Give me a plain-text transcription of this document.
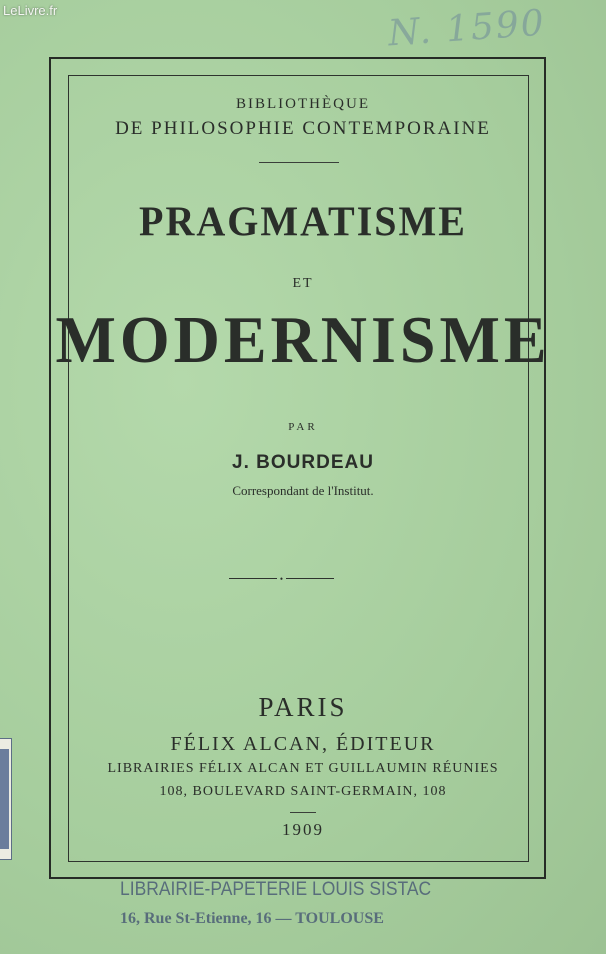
LeLivre.fr	N. 1590
BIBLIOTHÈQUE
DE PHILOSOPHIE CONTEMPORAINE
PRAGMATISME
ET
MODERNISME
PAR
J. BOURDEAU
Correspondant de l'Institut.
•
PARIS
FÉLIX ALCAN, ÉDITEUR
LIBRAIRIES FÉLIX ALCAN ET GUILLAUMIN RÉUNIES
108, BOULEVARD SAINT-GERMAIN, 108
1909
LIBRAIRIE-PAPETERIE LOUIS SISTAC
16, Rue St-Etienne, 16 — TOULOUSE
